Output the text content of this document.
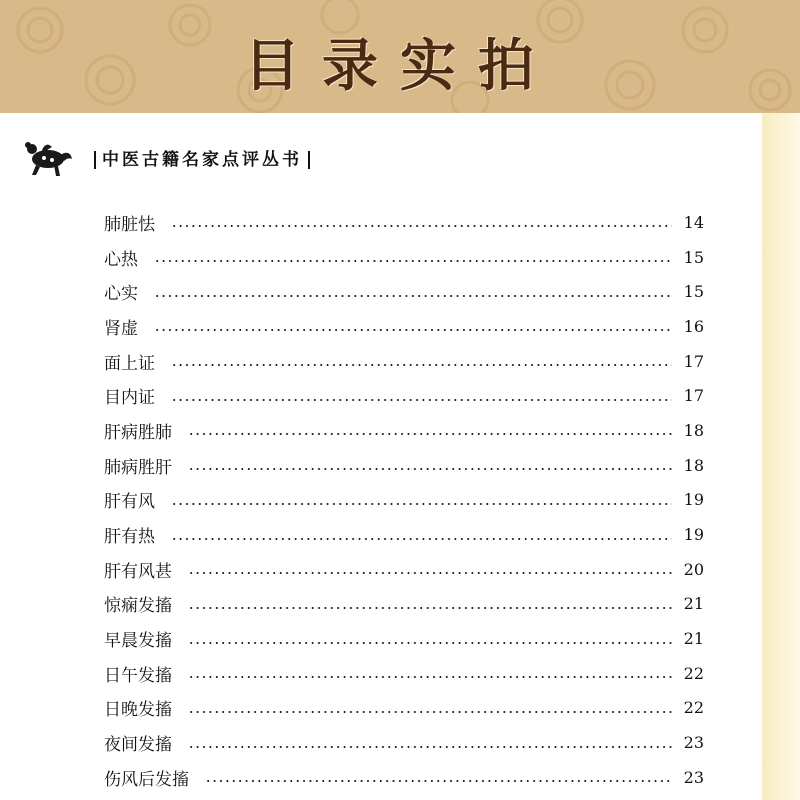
目录实拍
中医古籍名家点评丛书
肺脏怯	14
心热	15
心实	15
肾虚	16
面上证	17
目内证	17
肝病胜肺	18
肺病胜肝	18
肝有风	19
肝有热	19
肝有风甚	20
惊痫发搐	21
早晨发搐	21
日午发搐	22
日晚发搐	22
夜间发搐	23
伤风后发搐	23
